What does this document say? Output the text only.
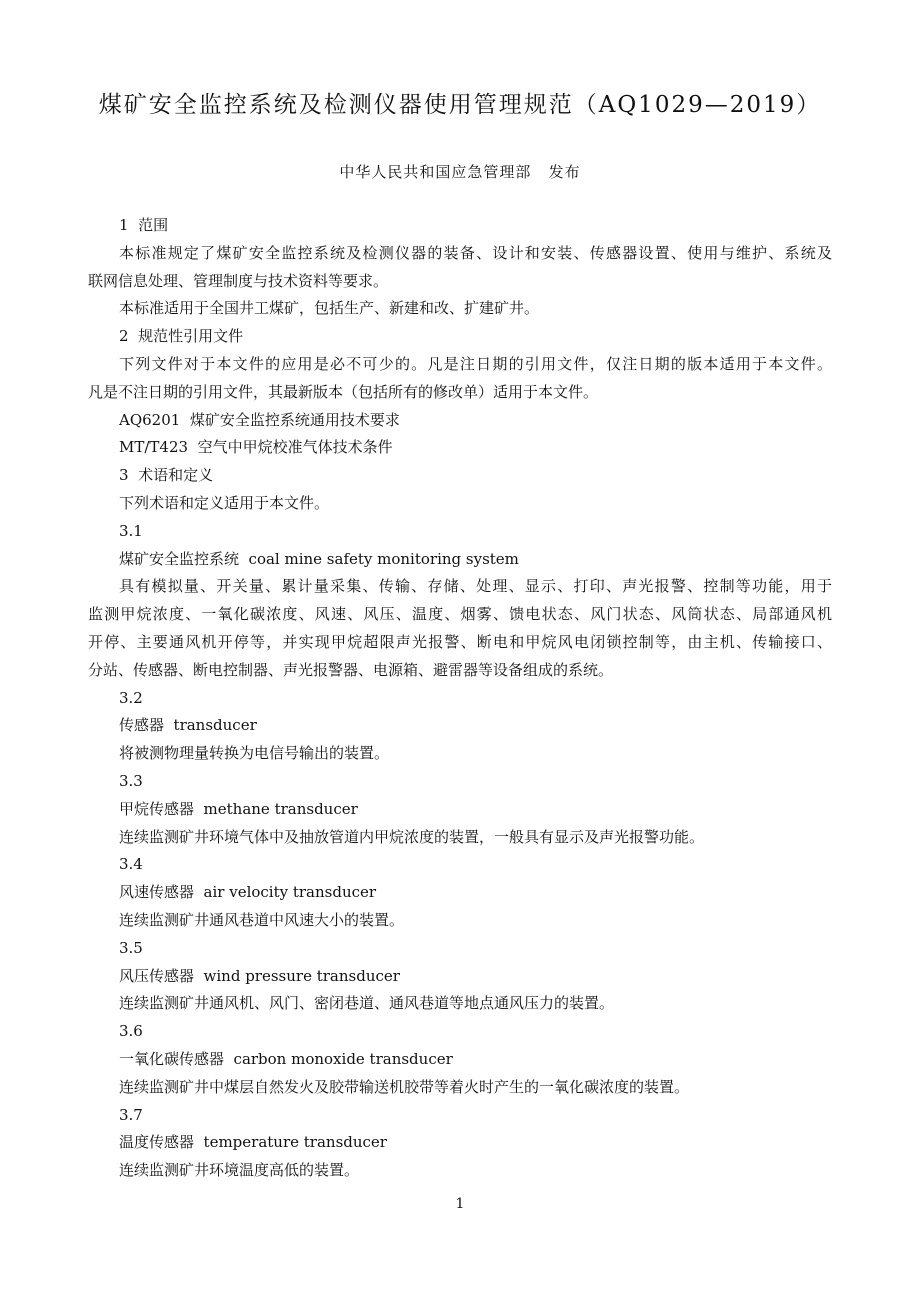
煤矿安全监控系统及检测仪器使用管理规范（AQ1029—2019）
中华人民共和国应急管理部   发布
1  范围
本标准规定了煤矿安全监控系统及检测仪器的装备、设计和安装、传感器设置、使用与维护、系统及
联网信息处理、管理制度与技术资料等要求。
本标准适用于全国井工煤矿，包括生产、新建和改、扩建矿井。
2  规范性引用文件
下列文件对于本文件的应用是必不可少的。凡是注日期的引用文件，仅注日期的版本适用于本文件。
凡是不注日期的引用文件，其最新版本（包括所有的修改单）适用于本文件。
AQ6201  煤矿安全监控系统通用技术要求
MT/T423  空气中甲烷校准气体技术条件
3  术语和定义
下列术语和定义适用于本文件。
3.1
煤矿安全监控系统  coal mine safety monitoring system
具有模拟量、开关量、累计量采集、传输、存储、处理、显示、打印、声光报警、控制等功能，用于
监测甲烷浓度、一氧化碳浓度、风速、风压、温度、烟雾、馈电状态、风门状态、风筒状态、局部通风机
开停、主要通风机开停等，并实现甲烷超限声光报警、断电和甲烷风电闭锁控制等，由主机、传输接口、
分站、传感器、断电控制器、声光报警器、电源箱、避雷器等设备组成的系统。
3.2
传感器  transducer
将被测物理量转换为电信号输出的装置。
3.3
甲烷传感器  methane transducer
连续监测矿井环境气体中及抽放管道内甲烷浓度的装置，一般具有显示及声光报警功能。
3.4
风速传感器  air velocity transducer
连续监测矿井通风巷道中风速大小的装置。
3.5
风压传感器  wind pressure transducer
连续监测矿井通风机、风门、密闭巷道、通风巷道等地点通风压力的装置。
3.6
一氧化碳传感器  carbon monoxide transducer
连续监测矿井中煤层自然发火及胶带输送机胶带等着火时产生的一氧化碳浓度的装置。
3.7
温度传感器  temperature transducer
连续监测矿井环境温度高低的装置。
1
